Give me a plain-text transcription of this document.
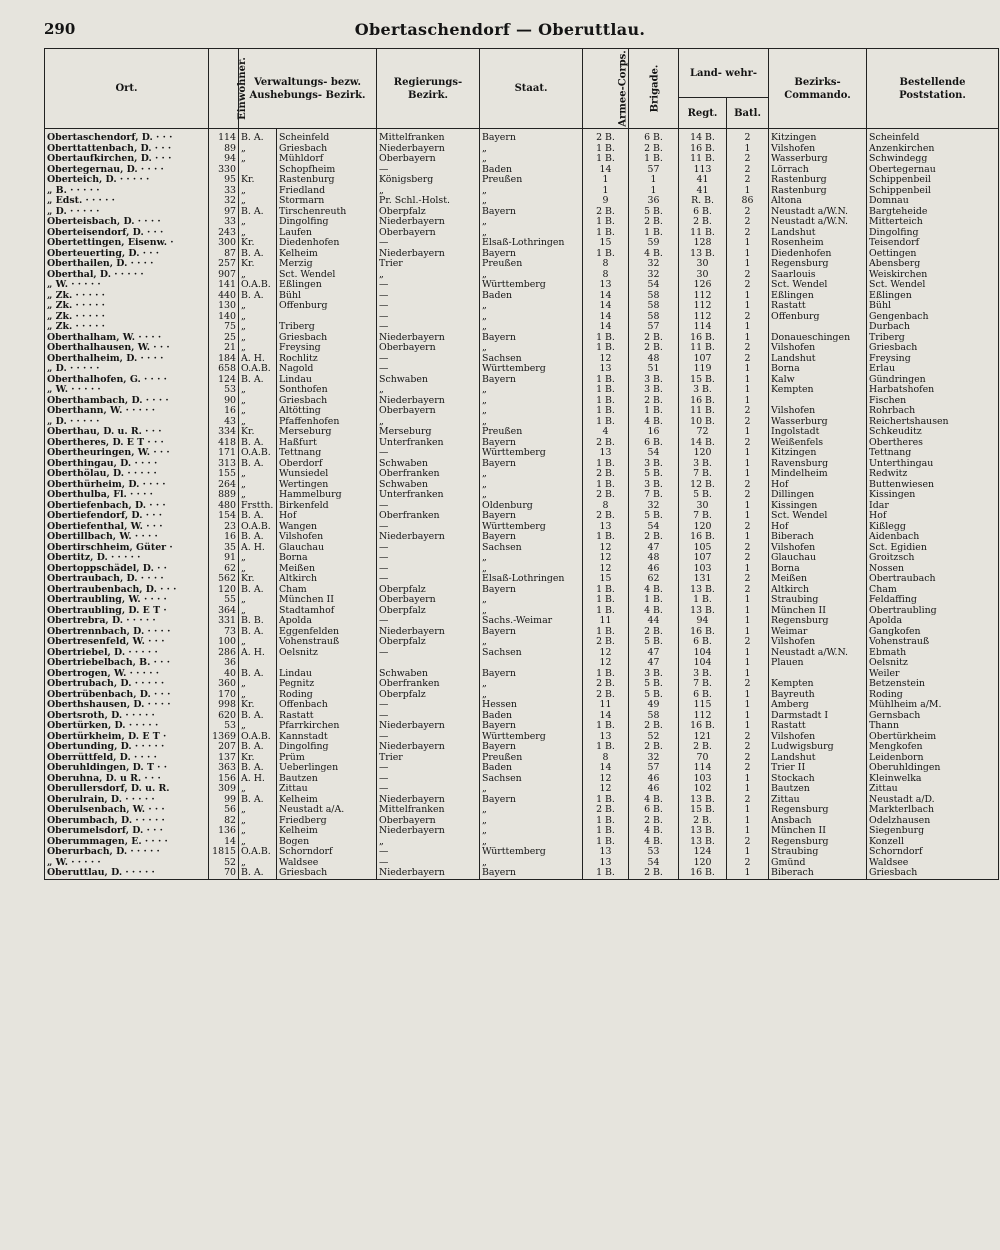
290	Obertaschendorf — Oberuttlau.
Ort.	Einwohner.	Verwaltungs- bezw. Aushebungs- Bezirk.		Regierungs- Bezirk.	Staat.	Armee-Corps.	Brigade.	Land- wehr-		Bezirks- Commando.	Bestellende Poststation.
								Regt.	Batl.		
Obertaschendorf, D. · · ·	114	B. A.	Scheinfeld	Mittelfranken	Bayern	2 B.	6 B.	14 B.	2	Kitzingen	Scheinfeld
Oberttattenbach, D. · · ·	89	„	Griesbach	Niederbayern	„	1 B.	2 B.	16 B.	1	Vilshofen	Anzenkirchen
Obertaufkirchen, D. · · ·	94	„	Mühldorf	Oberbayern	„	1 B.	1 B.	11 B.	2	Wasserburg	Schwindegg
Obertegernau, D. · · · ·	330		Schopfheim	—	Baden	14	57	113	2	Lörrach	Obertegernau
Oberteich, D. · · · · ·	95	Kr.	Rastenburg	Königsberg	Preußen	1	1	41	2	Rastenburg	Schippenbeil
„ B. · · · · ·	33	„	Friedland	„	„	1	1	41	1	Rastenburg	Schippenbeil
„ Edst. · · · · ·	32	„	Stormarn	Pr. Schl.-Holst.	„	9	36	R. B.	86	Altona	Domnau
„ D. · · · · ·	97	B. A.	Tirschenreuth	Oberpfalz	Bayern	2 B.	5 B.	6 B.	2	Neustadt a/W.N.	Bargteheide
Oberteisbach, D. · · · ·	33	„	Dingolfing	Niederbayern	„	1 B.	2 B.	2 B.	2	Neustadt a/W.N.	Mitterteich
Oberteisendorf, D. · · ·	243	„	Laufen	Oberbayern	„	1 B.	1 B.	11 B.	2	Landshut	Dingolfing
Obertettingen, Eisenw. ·	300	Kr.	Diedenhofen	—	Elsaß-Lothringen	15	59	128	1	Rosenheim	Teisendorf
Oberteuerting, D. · · ·	87	B. A.	Kelheim	Niederbayern	Bayern	1 B.	4 B.	13 B.	1	Diedenhofen	Oettingen
Oberthailen, D. · · · ·	257	Kr.	Merzig	Trier	Preußen	8	32	30	1	Regensburg	Abensberg
Oberthal, D. · · · · ·	907	„	Sct. Wendel	„	„	8	32	30	2	Saarlouis	Weiskirchen
„ W. · · · · ·	141	O.A.B.	Eßlingen	—	Württemberg	13	54	126	2	Sct. Wendel	Sct. Wendel
„ Zk. · · · · ·	440	B. A.	Bühl	—	Baden	14	58	112	1	Eßlingen	Eßlingen
„ Zk. · · · · ·	130	„	Offenburg	—	„	14	58	112	1	Rastatt	Bühl
„ Zk. · · · · ·	140	„		—	„	14	58	112	2	Offenburg	Gengenbach
„ Zk. · · · · ·	75	„	Triberg	—	„	14	57	114	1		Durbach
Oberthalham, W. · · · ·	25	„	Griesbach	Niederbayern	Bayern	1 B.	2 B.	16 B.	1	Donaueschingen	Triberg
Oberthalhausen, W. · · ·	21	„	Freysing	Oberbayern	„	1 B.	2 B.	11 B.	2	Vilshofen	Griesbach
Oberthalheim, D. · · · ·	184	A. H.	Rochlitz	—	Sachsen	12	48	107	2	Landshut	Freysing
„ D. · · · · ·	658	O.A.B.	Nagold	—	Württemberg	13	51	119	1	Borna	Erlau
Oberthalhofen, G. · · · ·	124	B. A.	Lindau	Schwaben	Bayern	1 B.	3 B.	15 B.	1	Kalw	Gündringen
„ W. · · · · ·	53	„	Sonthofen	„	„	1 B.	3 B.	3 B.	1	Kempten	Harbatshofen
Oberthambach, D. · · · ·	90	„	Griesbach	Niederbayern	„	1 B.	2 B.	16 B.	1		Fischen
Oberthann, W. · · · · ·	16	„	Altötting	Oberbayern	„	1 B.	1 B.	11 B.	2	Vilshofen	Rohrbach
„ D. · · · · ·	43	„	Pfaffenhofen	„	„	1 B.	4 B.	10 B.	2	Wasserburg	Reichertshausen
Oberthau, D. u. R. · · ·	334	Kr.	Merseburg	Merseburg	Preußen	4	16	72	1	Ingolstadt	Schkeuditz
Obertheres, D. E T · · ·	418	B. A.	Haßfurt	Unterfranken	Bayern	2 B.	6 B.	14 B.	2	Weißenfels	Obertheres
Obertheuringen, W. · · ·	171	O.A.B.	Tettnang	—	Württemberg	13	54	120	1	Kitzingen	Tettnang
Oberthingau, D. · · · ·	313	B. A.	Oberdorf	Schwaben	Bayern	1 B.	3 B.	3 B.	1	Ravensburg	Unterthingau
Oberthölau, D. · · · · ·	155	„	Wunsiedel	Oberfranken	„	2 B.	5 B.	7 B.	1	Mindelheim	Redwitz
Oberthürheim, D. · · · ·	264	„	Wertingen	Schwaben	„	1 B.	3 B.	12 B.	2	Hof	Buttenwiesen
Oberthulba, Fl. · · · ·	889	„	Hammelburg	Unterfranken	„	2 B.	7 B.	5 B.	2	Dillingen	Kissingen
Obertiefenbach, D. · · ·	480	Frstth.	Birkenfeld	—	Oldenburg	8	32	30	1	Kissingen	Idar
Obertiefendorf, D. · · ·	154	B. A.	Hof	Oberfranken	Bayern	2 B.	5 B.	7 B.	1	Sct. Wendel	Hof
Obertiefenthal, W. · · ·	23	O.A.B.	Wangen	—	Württemberg	13	54	120	2	Hof	Kißlegg
Obertillbach, W. · · · ·	16	B. A.	Vilshofen	Niederbayern	Bayern	1 B.	2 B.	16 B.	1	Biberach	Aidenbach
Obertirschheim, Güter ·	35	A. H.	Glauchau	—	Sachsen	12	47	105	2	Vilshofen	Sct. Egidien
Obertitz, D. · · · · ·	91	„	Borna	—	„	12	48	107	2	Glauchau	Groitzsch
Obertoppschädel, D. · ·	62	„	Meißen	—	„	12	46	103	1	Borna	Nossen
Obertraubach, D. · · · ·	562	Kr.	Altkirch	—	Elsaß-Lothringen	15	62	131	2	Meißen	Obertraubach
Obertraubenbach, D. · · ·	120	B. A.	Cham	Oberpfalz	Bayern	1 B.	4 B.	13 B.	2	Altkirch	Cham
Obertraubling, W. · · · ·	55	„	München II	Oberbayern	„	1 B.	1 B.	1 B.	1	Straubing	Feldaffing
Obertraubling, D. E T ·	364	„	Stadtamhof	Oberpfalz	„	1 B.	4 B.	13 B.	1	München II	Obertraubling
Obertrebra, D. · · · · ·	331	B. B.	Apolda	—	Sachs.-Weimar	11	44	94	1	Regensburg	Apolda
Obertrennbach, D. · · · ·	73	B. A.	Eggenfelden	Niederbayern	Bayern	1 B.	2 B.	16 B.	1	Weimar	Gangkofen
Obertresenfeld, W. · · ·	100	„	Vohenstrauß	Oberpfalz	„	2 B.	5 B.	6 B.	2	Vilshofen	Vohenstrauß
Obertriebel, D. · · · · ·	286	A. H.	Oelsnitz	—	Sachsen	12	47	104	1	Neustadt a/W.N.	Ebmath
Obertriebelbach, B. · · ·	36					12	47	104	1	Plauen	Oelsnitz
Obertrogen, W. · · · · ·	40	B. A.	Lindau	Schwaben	Bayern	1 B.	3 B.	3 B.	1		Weiler
Obertrubach, D. · · · · ·	360	„	Pegnitz	Oberfranken	„	2 B.	5 B.	7 B.	2	Kempten	Betzenstein
Obertrübenbach, D. · · ·	170	„	Roding	Oberpfalz	„	2 B.	5 B.	6 B.	1	Bayreuth	Roding
Oberthshausen, D. · · · ·	998	Kr.	Offenbach	—	Hessen	11	49	115	1	Amberg	Mühlheim a/M.
Obertsroth, D. · · · · ·	620	B. A.	Rastatt	—	Baden	14	58	112	1	Darmstadt I	Gernsbach
Obertürken, D. · · · · ·	53	„	Pfarrkirchen	Niederbayern	Bayern	1 B.	2 B.	16 B.	1	Rastatt	Thann
Obertürkheim, D. E T ·	1369	O.A.B.	Kannstadt	—	Württemberg	13	52	121	2	Vilshofen	Obertürkheim
Obertunding, D. · · · · ·	207	B. A.	Dingolfing	Niederbayern	Bayern	1 B.	2 B.	2 B.	2	Ludwigsburg	Mengkofen
Oberrüttfeld, D. · · · ·	137	Kr.	Prüm	Trier	Preußen	8	32	70	2	Landshut	Leidenborn
Oberuhldingen, D. T · ·	363	B. A.	Ueberlingen	—	Baden	14	57	114	2	Trier II	Oberuhldingen
Oberuhna, D. u R. · · ·	156	A. H.	Bautzen	—	Sachsen	12	46	103	1	Stockach	Kleinwelka
Oberullersdorf, D. u. R.	309	„	Zittau	—	„	12	46	102	1	Bautzen	Zittau
Oberulrain, D. · · · · ·	99	B. A.	Kelheim	Niederbayern	Bayern	1 B.	4 B.	13 B.	2	Zittau	Neustadt a/D.
Oberulsenbach, W. · · ·	56	„	Neustadt a/A.	Mittelfranken	„	2 B.	6 B.	15 B.	1	Regensburg	Markterlbach
Oberumbach, D. · · · · ·	82	„	Friedberg	Oberbayern	„	1 B.	2 B.	2 B.	1	Ansbach	Odelzhausen
Oberumelsdorf, D. · · ·	136	„	Kelheim	Niederbayern	„	1 B.	4 B.	13 B.	1	München II	Siegenburg
Oberummagen, E. · · · ·	14	„	Bogen	„	„	1 B.	4 B.	13 B.	2	Regensburg	Konzell
Oberurbach, D. · · · · ·	1815	O.A.B.	Schorndorf	—	Württemberg	13	53	124	1	Straubing	Schorndorf
„ W. · · · · ·	52	„	Waldsee	—	„	13	54	120	2	Gmünd	Waldsee
Oberuttlau, D. · · · · ·	70	B. A.	Griesbach	Niederbayern	Bayern	1 B.	2 B.	16 B.	1	Biberach	Griesbach
